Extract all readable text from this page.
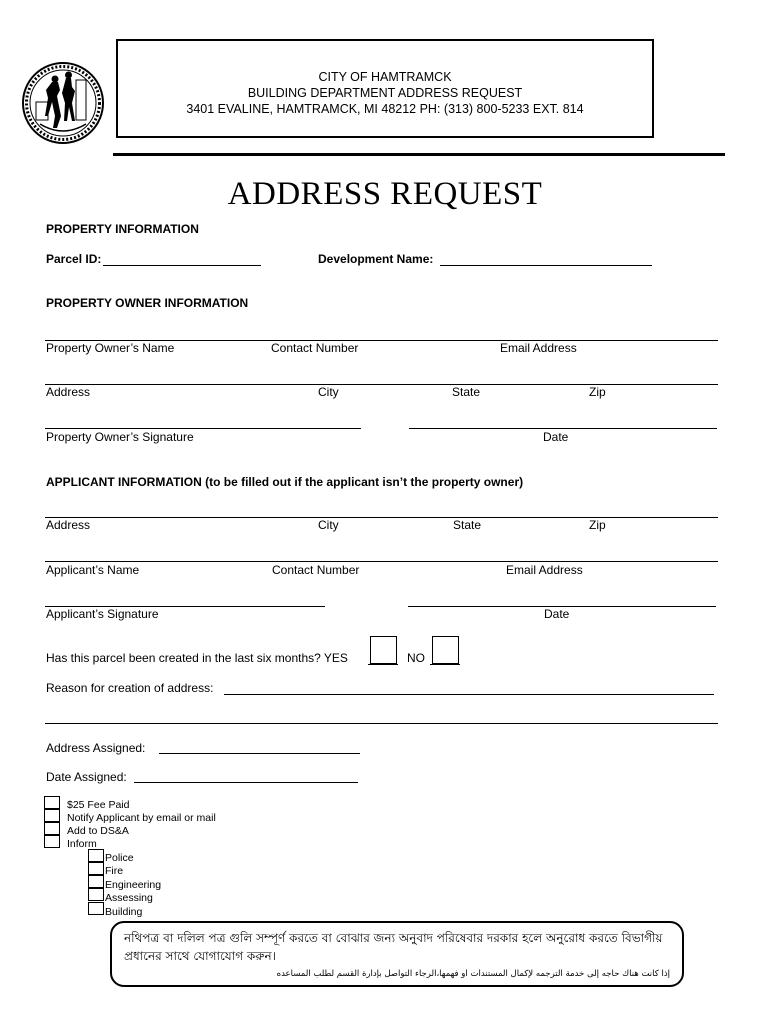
CITY OF HAMTRAMCK
BUILDING DEPARTMENT ADDRESS REQUEST
3401 EVALINE, HAMTRAMCK, MI 48212 PH: (313) 800-5233 EXT. 814
ADDRESS REQUEST
PROPERTY INFORMATION
Parcel ID:	Development Name:
PROPERTY OWNER INFORMATION
Property Owner’s Name	Contact Number	Email Address
Address	City	State	Zip
Property Owner’s Signature	Date
APPLICANT INFORMATION (to be filled out if the applicant isn’t the property owner)
Address	City	State	Zip
Applicant’s Name	Contact Number	Email Address
Applicant’s Signature	Date
Has this parcel been created in the last six months? YES	NO
Reason for creation of address:
Address Assigned:
Date Assigned:
$25 Fee Paid
Notify Applicant by email or mail
Add to DS&A
Inform
Police
Fire
Engineering
Assessing
Building
নথিপত্র বা দলিল পত্র গুলি সম্পূর্ণ করতে বা বোঝার জন্য অনুবাদ পরিষেবার দরকার হলে অনুরোধ করতে বিভাগীয় প্রধানের সাথে যোগাযোগ করুন।
إذا كانت هناك حاجه إلى خدمة الترجمه لإكمال المستندات او فهمها،الرجاء التواصل بإدارة القسم لطلب المساعده
